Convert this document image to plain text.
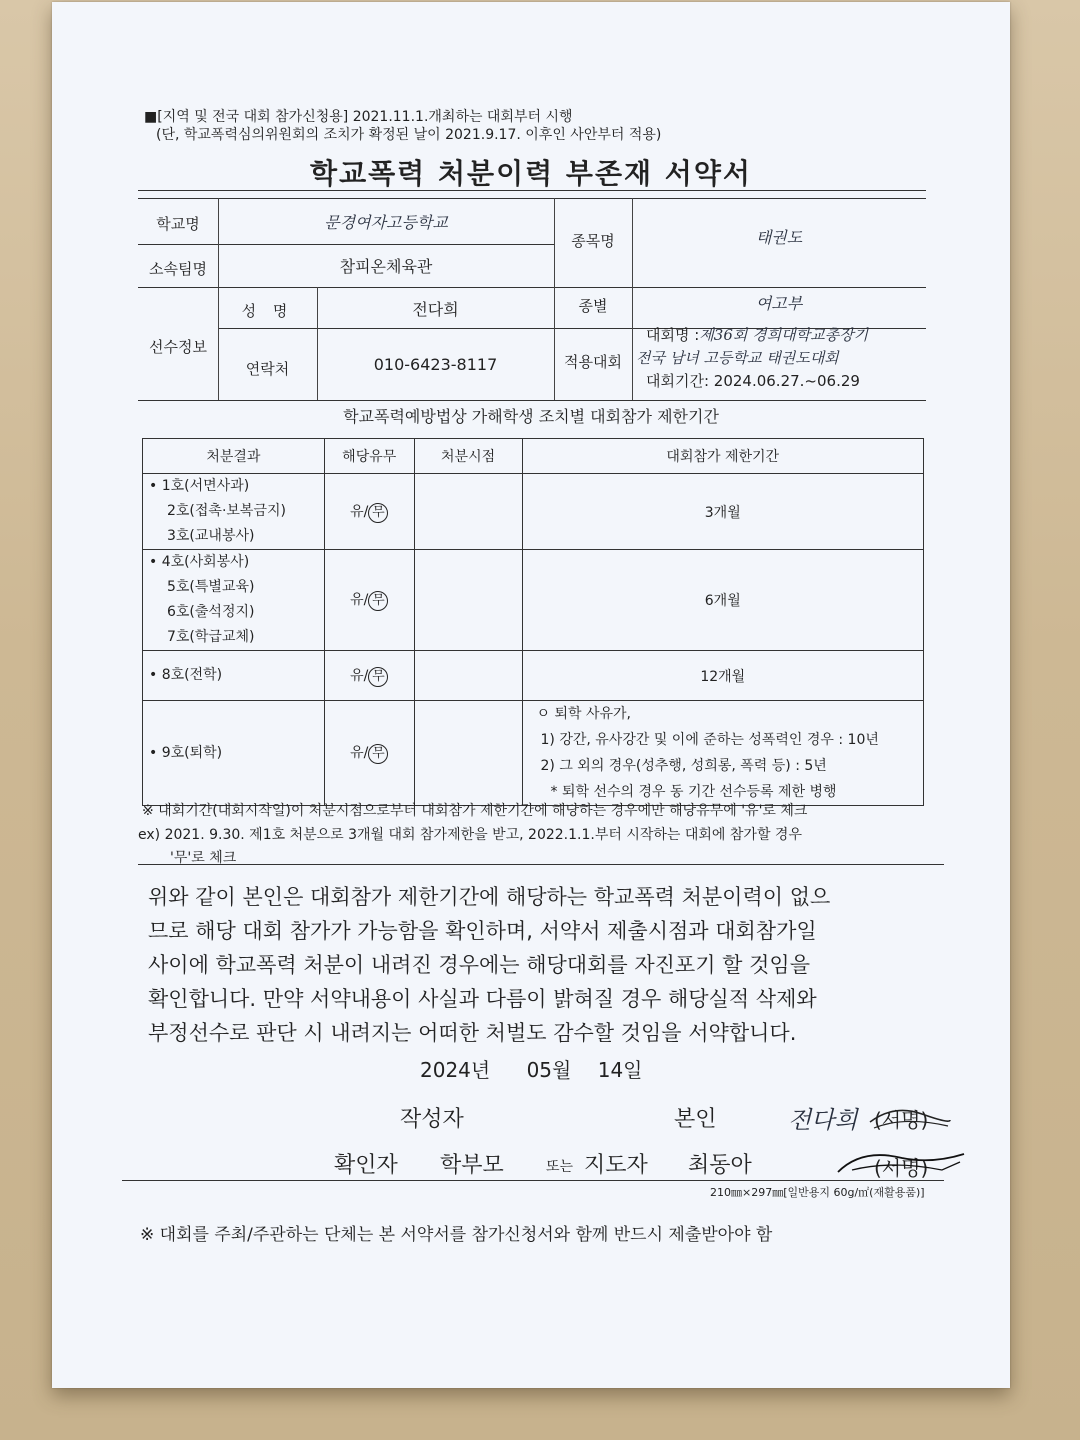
■[지역 및 전국 대회 참가신청용] 2021.11.1.개최하는 대회부터 시행
(단, 학교폭력심의위원회의 조치가 확정된 날이 2021.9.17. 이후인 사안부터 적용)
학교폭력 처분이력 부존재 서약서
학교명	문경여자고등학교
소속팀명	참피온체육관
종목명	태권도
선수정보
성 명	전다희
연락처	010-6423-8117
종별	여고부
적용대회
대회명 :제36회 경희대학교총장기
전국 남녀 고등학교 태권도대회
대회기간: 2024.06.27.~06.29
학교폭력예방법상 가해학생 조치별 대회참가 제한기간
처분결과	해당유무	처분시점	대회참가 제한기간

• 1호(서면사과)
2호(접촉·보복금지)
3호(교내봉사)	유/ 무		3개월

• 4호(사회봉사)
5호(특별교육)
6호(출석정지)
7호(학급교체)	유/ 무		6개월

• 8호(전학)	유/ 무		12개월

• 9호(퇴학)	유/ 무		ㅇ 퇴학 사유가,
1) 강간, 유사강간 및 이에 준하는 성폭력인 경우 : 10년
2) 그 외의 경우(성추행, 성희롱, 폭력 등) : 5년
* 퇴학 선수의 경우 동 기간 선수등록 제한 병행
※ 대회기간(대회시작일)이 처분시점으로부터 대회참가 제한기간에 해당하는 경우에만 해당유무에 '유'로 체크
ex) 2021. 9.30. 제1호 처분으로 3개월 대회 참가제한을 받고, 2022.1.1.부터 시작하는 대회에 참가할 경우
'무'로 체크
위와 같이 본인은 대회참가 제한기간에 해당하는 학교폭력 처분이력이 없으
므로 해당 대회 참가가 가능함을 확인하며, 서약서 제출시점과 대회참가일
사이에 학교폭력 처분이 내려진 경우에는 해당대회를 자진포기 할 것임을
확인합니다. 만약 서약내용이 사실과 다름이 밝혀질 경우 해당실적 삭제와
부정선수로 판단 시 내려지는 어떠한 처벌도 감수할 것임을 서약합니다.
2024년 05월 14일
작성자	본인	전다희 (서명)
확인자 학부모	또는 지도자 최동아	(서명)
210㎜×297㎜[일반용지 60g/㎡(재활용품)]
※ 대회를 주최/주관하는 단체는 본 서약서를 참가신청서와 함께 반드시 제출받아야 함
